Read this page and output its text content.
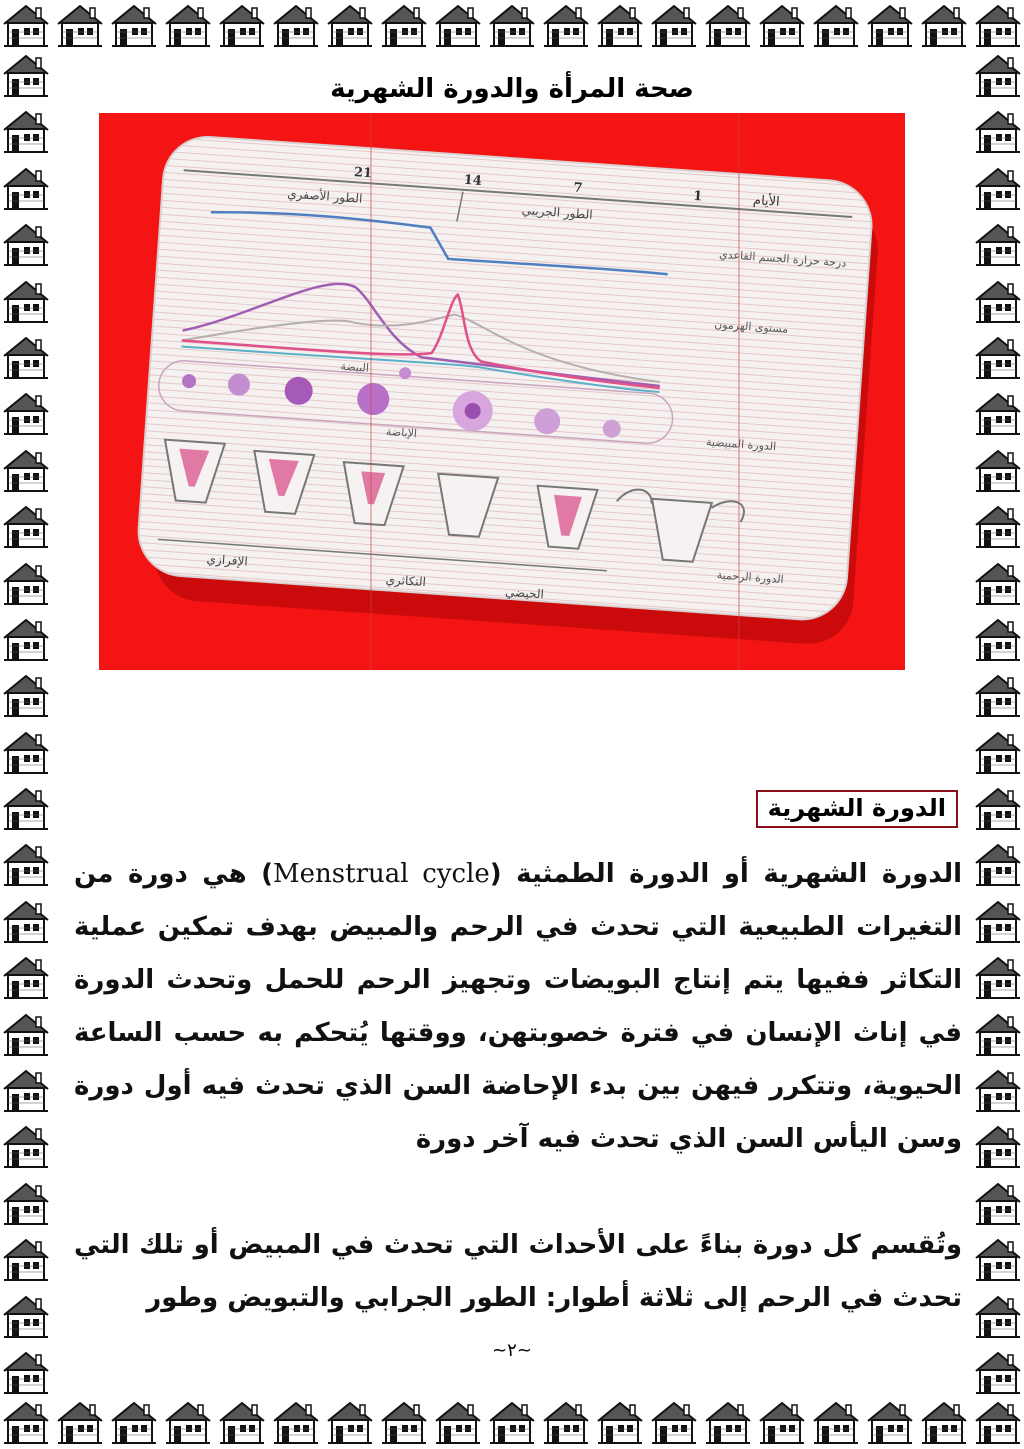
صحة المرأة والدورة الشهرية
الأيام
1
7
14
21
الطور الأصفري
الطور الجريبي
درجة حرارة الجسم القاعدي
مستوى الهرمون
الدورة المبيضية
البيضة
الإباضة
الدورة الرحمية
الإفرازي
التكاثري
الحيضي
الدورة الشهرية

الدورة الشهرية أو الدورة الطمثية (Menstrual cycle) هي دورة من التغيرات الطبيعية التي تحدث في الرحم والمبيض بهدف تمكين عملية التكاثر ففيها يتم إنتاج البويضات وتجهيز الرحم للحمل وتحدث الدورة في إناث الإنسان في فترة خصوبتهن، ووقتها يُتحكم به حسب الساعة الحيوية، وتتكرر فيهن بين بدء الإحاضة السن الذي تحدث فيه أول دورة وسن اليأس السن الذي تحدث فيه آخر دورة

وتُقسم كل دورة بناءً على الأحداث التي تحدث في المبيض أو تلك التي تحدث في الرحم إلى ثلاثة أطوار: الطور الجرابي والتبويض وطور

~٢~
